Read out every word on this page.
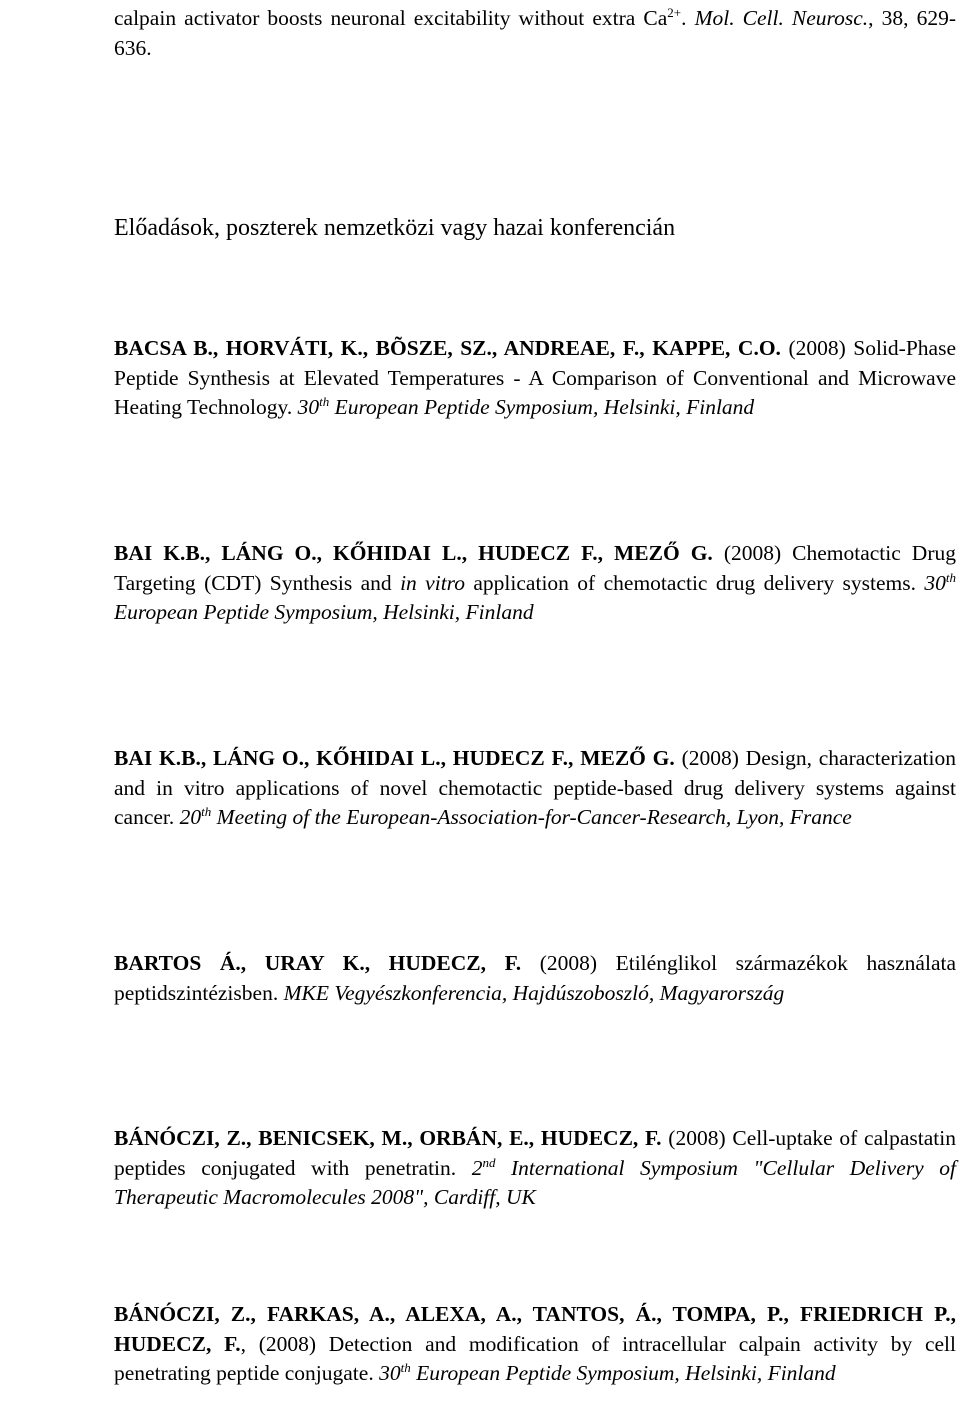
calpain activator boosts neuronal excitability without extra $Ca^{2+}$. Mol. Cell. Neurosc., 38, 629-636.

Előadások, poszterek nemzetközi vagy hazai konferencián

BACSA B., HORVÁTI, K., BÕSZE, SZ., ANDREAE, F., KAPPE, C.O. (2008) Solid-Phase Peptide Synthesis at Elevated Temperatures - A Comparison of Conventional and Microwave Heating Technology. 30th European Peptide Symposium, Helsinki, Finland

BAI K.B., LÁNG O., KŐHIDAI L., HUDECZ F., MEZŐ G. (2008) Chemotactic Drug Targeting (CDT) Synthesis and in vitro application of chemotactic drug delivery systems. 30th European Peptide Symposium, Helsinki, Finland

BAI K.B., LÁNG O., KŐHIDAI L., HUDECZ F., MEZŐ G. (2008) Design, characterization and in vitro applications of novel chemotactic peptide-based drug delivery systems against cancer. 20th Meeting of the European-Association-for-Cancer-Research, Lyon, France

BARTOS Á., URAY K., HUDECZ, F. (2008) Etilénglikol származékok használata peptidszintézisben. MKE Vegyészkonferencia, Hajdúszoboszló, Magyarország

BÁNÓCZI, Z., BENICSEK, M., ORBÁN, E., HUDECZ, F. (2008) Cell-uptake of calpastatin peptides conjugated with penetratin. 2nd International Symposium "Cellular Delivery of Therapeutic Macromolecules 2008", Cardiff, UK

BÁNÓCZI, Z., FARKAS, A., ALEXA, A., TANTOS, Á., TOMPA, P., FRIEDRICH P., HUDECZ, F., (2008) Detection and modification of intracellular calpain activity by cell penetrating peptide conjugate. 30th European Peptide Symposium, Helsinki, Finland
